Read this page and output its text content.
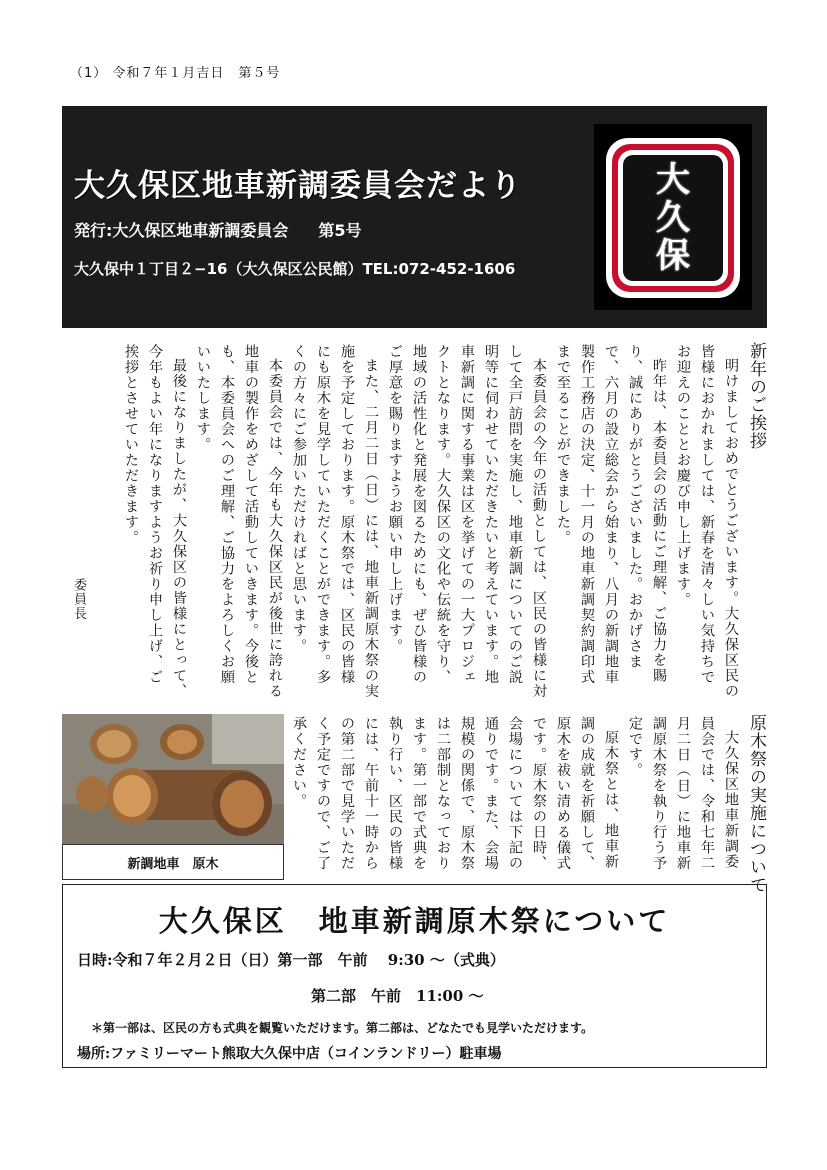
（1） 令和７年１月吉日　第５号
大久保区地車新調委員会だより
発行:大久保区地車新調委員会 第5号
大久保中１丁目２−16（大久保区公民館）TEL:072-452-1606
大
久
保
新年のご挨拶

明けましておめでとうございます。大久保区民の皆様におかれましては、新春を清々しい気持ちでお迎えのこととお慶び申し上げます。

昨年は、本委員会の活動にご理解、ご協力を賜り、誠にありがとうございました。おかげさまで、六月の設立総会から始まり、八月の新調地車製作工務店の決定、十一月の地車新調契約調印式まで至ることができました。

本委員会の今年の活動としては、区民の皆様に対して全戸訪問を実施し、地車新調についてのご説明等に伺わせていただきたいと考えています。地車新調に関する事業は区を挙げての一大プロジェクトとなります。大久保区の文化や伝統を守り、地域の活性化と発展を図るためにも、ぜひ皆様のご厚意を賜りますようお願い申し上げます。

また、二月二日（日）には、地車新調原木祭の実施を予定しております。原木祭では、区民の皆様にも原木を見学していただくことができます。多くの方々にご参加いただければと思います。

本委員会では、今年も大久保区民が後世に誇れる地車の製作をめざして活動していきます。今後とも、本委員会へのご理解、ご協力をよろしくお願いいたします。

最後になりましたが、大久保区の皆様にとって、今年もよい年になりますようお祈り申し上げ、ご挨拶とさせていただきます。

委員長
原木祭の実施について

大久保区地車新調委員会では、令和七年二月二日（日）に地車新調原木祭を執り行う予定です。

原木祭とは、地車新調の成就を祈願して、原木を祓い清める儀式です。原木祭の日時、会場については下記の通りです。また、会場規模の関係で、原木祭は二部制となっております。第一部で式典を執り行い、区民の皆様には、午前十一時からの第二部で見学いただく予定ですので、ご了承ください。

新調地車　原木
大久保区　地車新調原木祭について
日時:令和７年２月２日（日）第一部　午前　 9:30 〜（式典）
第二部　午前　11:00 〜
＊第一部は、区民の方も式典を観覧いただけます。第二部は、どなたでも見学いただけます。
場所:ファミリーマート熊取大久保中店（コインランドリー）駐車場
